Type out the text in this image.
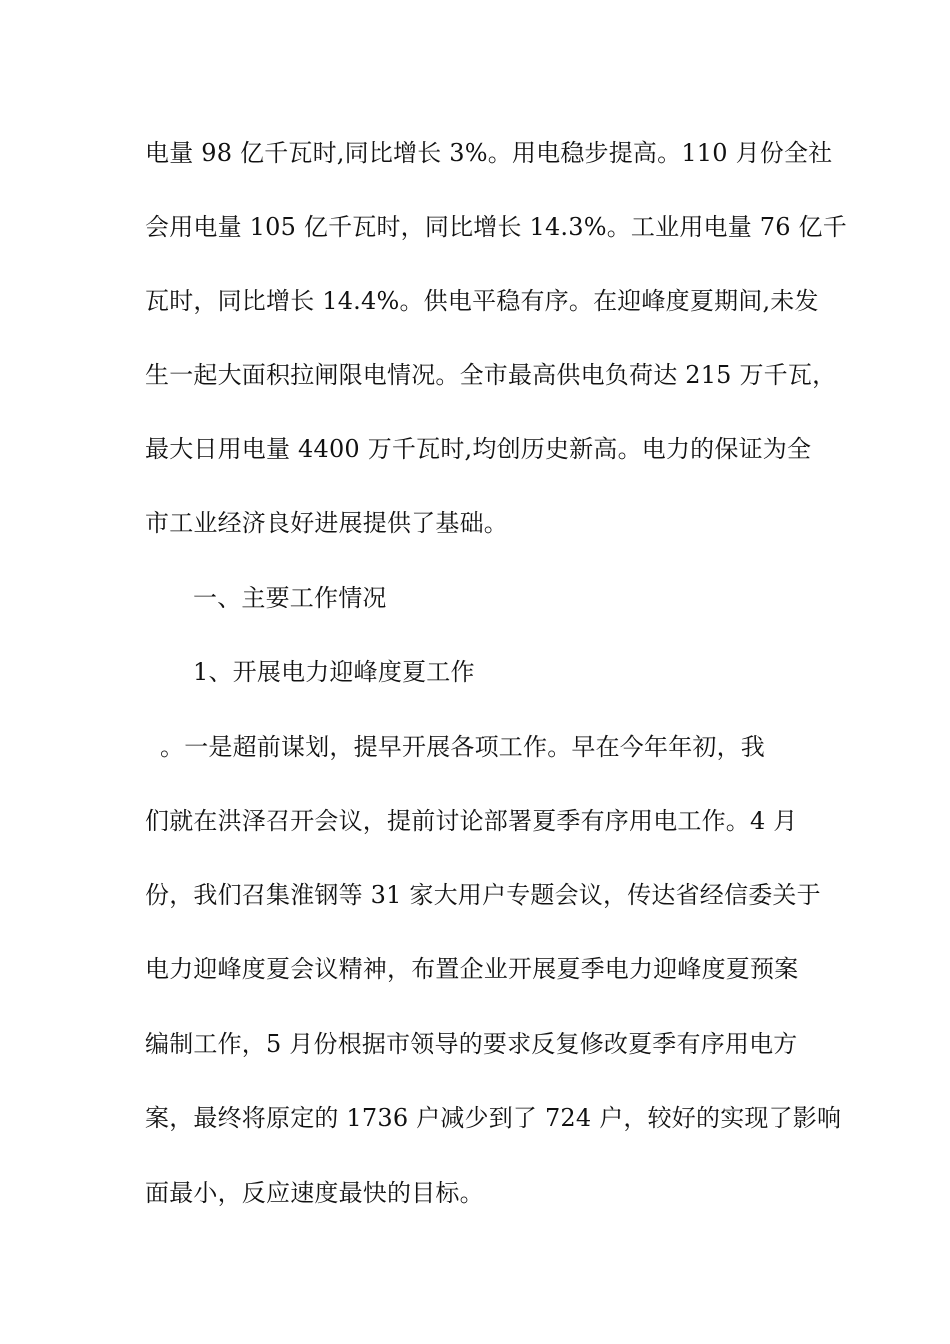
电量 98 亿千瓦时,同比增长 3%。用电稳步提高。110 月份全社
会用电量 105 亿千瓦时，同比增长 14.3%。工业用电量 76 亿千
瓦时，同比增长 14.4%。供电平稳有序。在迎峰度夏期间,未发
生一起大面积拉闸限电情况。全市最高供电负荷达 215 万千瓦，
最大日用电量 4400 万千瓦时,均创历史新高。电力的保证为全
市工业经济良好进展提供了基础。
一、主要工作情况
1、开展电力迎峰度夏工作
。一是超前谋划，提早开展各项工作。早在今年年初，我
们就在洪泽召开会议，提前讨论部署夏季有序用电工作。4 月
份，我们召集淮钢等 31 家大用户专题会议，传达省经信委关于
电力迎峰度夏会议精神，布置企业开展夏季电力迎峰度夏预案
编制工作，5 月份根据市领导的要求反复修改夏季有序用电方
案，最终将原定的 1736 户减少到了 724 户，较好的实现了影响
面最小，反应速度最快的目标。
